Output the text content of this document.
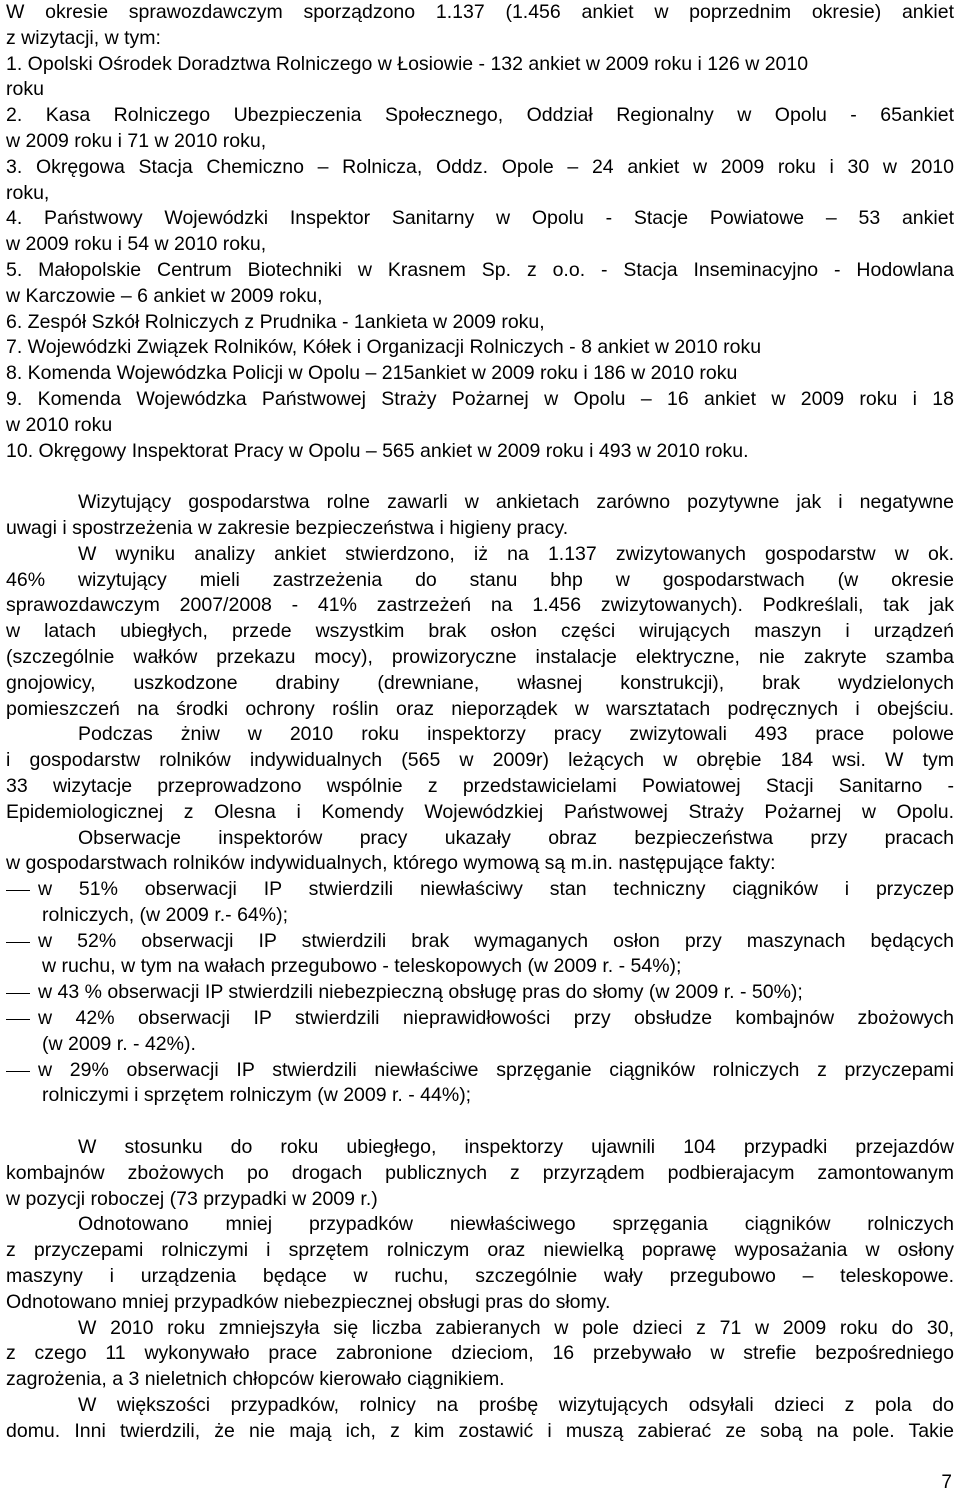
W okresie sprawozdawczym sporządzono 1.137 (1.456 ankiet w poprzednim okresie) ankiet
z wizytacji, w tym:
1. Opolski Ośrodek Doradztwa Rolniczego w Łosiowie - 132 ankiet w 2009 roku i 126 w 2010
roku
2. Kasa Rolniczego Ubezpieczenia Społecznego, Oddział Regionalny w Opolu - 65ankiet
w 2009 roku i 71 w 2010 roku,
3. Okręgowa Stacja Chemiczno – Rolnicza, Oddz. Opole – 24 ankiet w 2009 roku i 30 w 2010
roku,
4. Państwowy Wojewódzki Inspektor Sanitarny w Opolu - Stacje Powiatowe – 53 ankiet
w 2009 roku i 54 w 2010 roku,
5. Małopolskie Centrum Biotechniki w Krasnem Sp. z o.o. - Stacja Inseminacyjno - Hodowlana
w Karczowie – 6 ankiet w 2009 roku,
6. Zespół Szkół Rolniczych z Prudnika - 1ankieta w 2009 roku,
7. Wojewódzki Związek Rolników, Kółek i Organizacji Rolniczych - 8 ankiet w 2010 roku
8. Komenda Wojewódzka Policji w Opolu – 215ankiet w 2009 roku i 186 w 2010 roku
9. Komenda Wojewódzka Państwowej Straży Pożarnej w Opolu – 16 ankiet w 2009 roku i 18
w 2010 roku
10. Okręgowy Inspektorat Pracy w Opolu – 565 ankiet w 2009 roku i 493 w 2010 roku.
Wizytujący gospodarstwa rolne zawarli w ankietach zarówno pozytywne jak i negatywne
uwagi i spostrzeżenia w zakresie bezpieczeństwa i higieny pracy.
W wyniku analizy ankiet stwierdzono, iż na 1.137 zwizytowanych gospodarstw w ok.
46% wizytujący mieli zastrzeżenia do stanu bhp w gospodarstwach (w okresie
sprawozdawczym 2007/2008 - 41% zastrzeżeń na 1.456 zwizytowanych). Podkreślali, tak jak
w latach ubiegłych, przede wszystkim brak osłon części wirujących maszyn i urządzeń
(szczególnie wałków przekazu mocy), prowizoryczne instalacje elektryczne, nie zakryte szamba
gnojowicy, uszkodzone drabiny (drewniane, własnej konstrukcji), brak wydzielonych
pomieszczeń na środki ochrony roślin oraz nieporządek w warsztatach podręcznych i obejściu.
Podczas żniw w 2010 roku inspektorzy pracy zwizytowali 493 prace polowe
i gospodarstw rolników indywidualnych (565 w 2009r) leżących w obrębie 184 wsi. W tym
33 wizytacje przeprowadzono wspólnie z przedstawicielami Powiatowej Stacji Sanitarno -
Epidemiologicznej z Olesna i Komendy Wojewódzkiej Państwowej Straży Pożarnej w Opolu.
Obserwacje inspektorów pracy ukazały obraz bezpieczeństwa przy pracach
w gospodarstwach rolników indywidualnych, którego wymową są m.in. następujące fakty:
w 51% obserwacji IP stwierdzili niewłaściwy stan techniczny ciągników i przyczep
rolniczych, (w 2009 r.- 64%);
w 52% obserwacji IP stwierdzili brak wymaganych osłon przy maszynach będących
w ruchu, w tym na wałach przegubowo - teleskopowych (w 2009 r. - 54%);
w 43 % obserwacji IP stwierdzili niebezpieczną obsługę pras do słomy (w 2009 r. - 50%);
w 42% obserwacji IP stwierdzili nieprawidłowości przy obsłudze kombajnów zbożowych
(w 2009 r. - 42%).
w 29% obserwacji IP stwierdzili niewłaściwe sprzęganie ciągników rolniczych z przyczepami
rolniczymi i sprzętem rolniczym (w 2009 r. - 44%);
W stosunku do roku ubiegłego, inspektorzy ujawnili 104 przypadki przejazdów
kombajnów zbożowych po drogach publicznych z przyrządem podbierajacym zamontowanym
w pozycji roboczej (73 przypadki w 2009 r.)
Odnotowano mniej przypadków niewłaściwego sprzęgania ciągników rolniczych
z przyczepami rolniczymi i sprzętem rolniczym oraz niewielką poprawę wyposażania w osłony
maszyny i urządzenia będące w ruchu, szczególnie wały przegubowo – teleskopowe.
Odnotowano mniej przypadków niebezpiecznej obsługi pras do słomy.
W 2010 roku zmniejszyła się liczba zabieranych w pole dzieci z 71 w 2009 roku do 30,
z czego 11 wykonywało prace zabronione dzieciom, 16 przebywało w strefie bezpośredniego
zagrożenia, a 3 nieletnich chłopców kierowało ciągnikiem.
W większości przypadków, rolnicy na prośbę wizytujących odsyłali dzieci z pola do
domu. Inni twierdzili, że nie mają ich, z kim zostawić i muszą zabierać ze sobą na pole. Takie
7
